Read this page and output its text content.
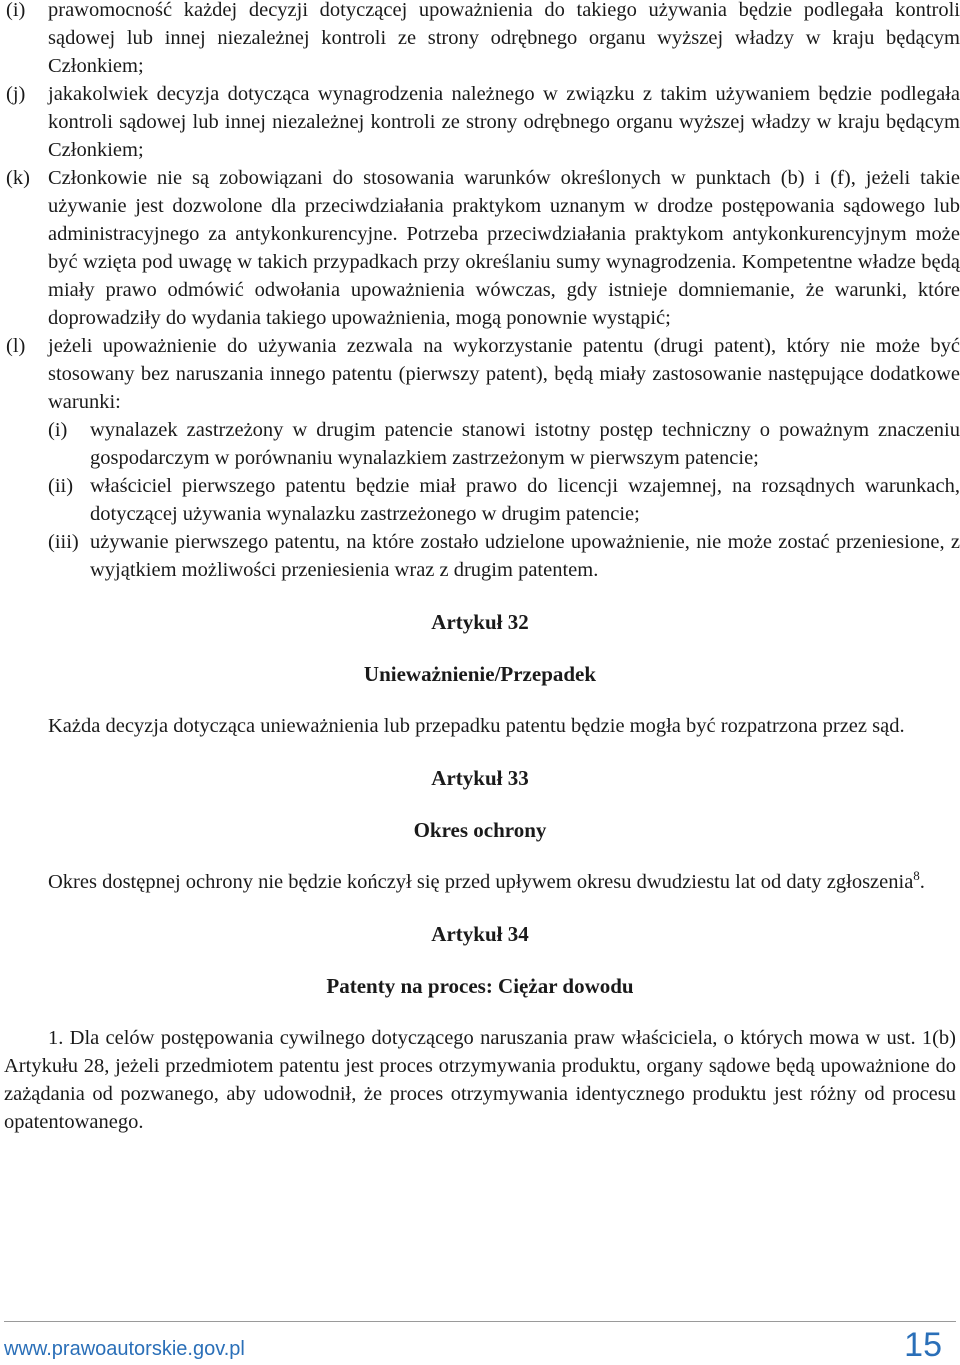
(i) prawomocność każdej decyzji dotyczącej upoważnienia do takiego używania będzie podlegała kontroli sądowej lub innej niezależnej kontroli ze strony odrębnego organu wyższej władzy w kraju będącym Członkiem;
(j) jakakolwiek decyzja dotycząca wynagrodzenia należnego w związku z takim używaniem będzie podlegała kontroli sądowej lub innej niezależnej kontroli ze strony odrębnego organu wyższej władzy w kraju będącym Członkiem;
(k) Członkowie nie są zobowiązani do stosowania warunków określonych w punktach (b) i (f), jeżeli takie używanie jest dozwolone dla przeciwdziałania praktykom uznanym w drodze postępowania sądowego lub administracyjnego za antykonkurencyjne. Potrzeba przeciwdziałania praktykom antykonkurencyjnym może być wzięta pod uwagę w takich przypadkach przy określaniu sumy wynagrodzenia. Kompetentne władze będą miały prawo odmówić odwołania upoważnienia wówczas, gdy istnieje domniemanie, że warunki, które doprowadziły do wydania takiego upoważnienia, mogą ponownie wystąpić;
(l) jeżeli upoważnienie do używania zezwala na wykorzystanie patentu (drugi patent), który nie może być stosowany bez naruszania innego patentu (pierwszy patent), będą miały zastosowanie następujące dodatkowe warunki:
(i) wynalazek zastrzeżony w drugim patencie stanowi istotny postęp techniczny o poważnym znaczeniu gospodarczym w porównaniu wynalazkiem zastrzeżonym w pierwszym patencie;
(ii) właściciel pierwszego patentu będzie miał prawo do licencji wzajemnej, na rozsądnych warunkach, dotyczącej używania wynalazku zastrzeżonego w drugim patencie;
(iii) używanie pierwszego patentu, na które zostało udzielone upoważnienie, nie może zostać przeniesione, z wyjątkiem możliwości przeniesienia wraz z drugim patentem.

Artykuł 32

Unieważnienie/Przepadek

Każda decyzja dotycząca unieważnienia lub przepadku patentu będzie mogła być rozpatrzona przez sąd.

Artykuł 33

Okres ochrony

Okres dostępnej ochrony nie będzie kończył się przed upływem okresu dwudziestu lat od daty zgłoszenia$^8$.

Artykuł 34

Patenty na proces: Ciężar dowodu

1. Dla celów postępowania cywilnego dotyczącego naruszania praw właściciela, o których mowa w ust. 1(b) Artykułu 28, jeżeli przedmiotem patentu jest proces otrzymywania produktu, organy sądowe będą upoważnione do zażądania od pozwanego, aby udowodnił, że proces otrzymywania identycznego produktu jest różny od procesu opatentowanego.

www.prawoautorskie.gov.pl	15
